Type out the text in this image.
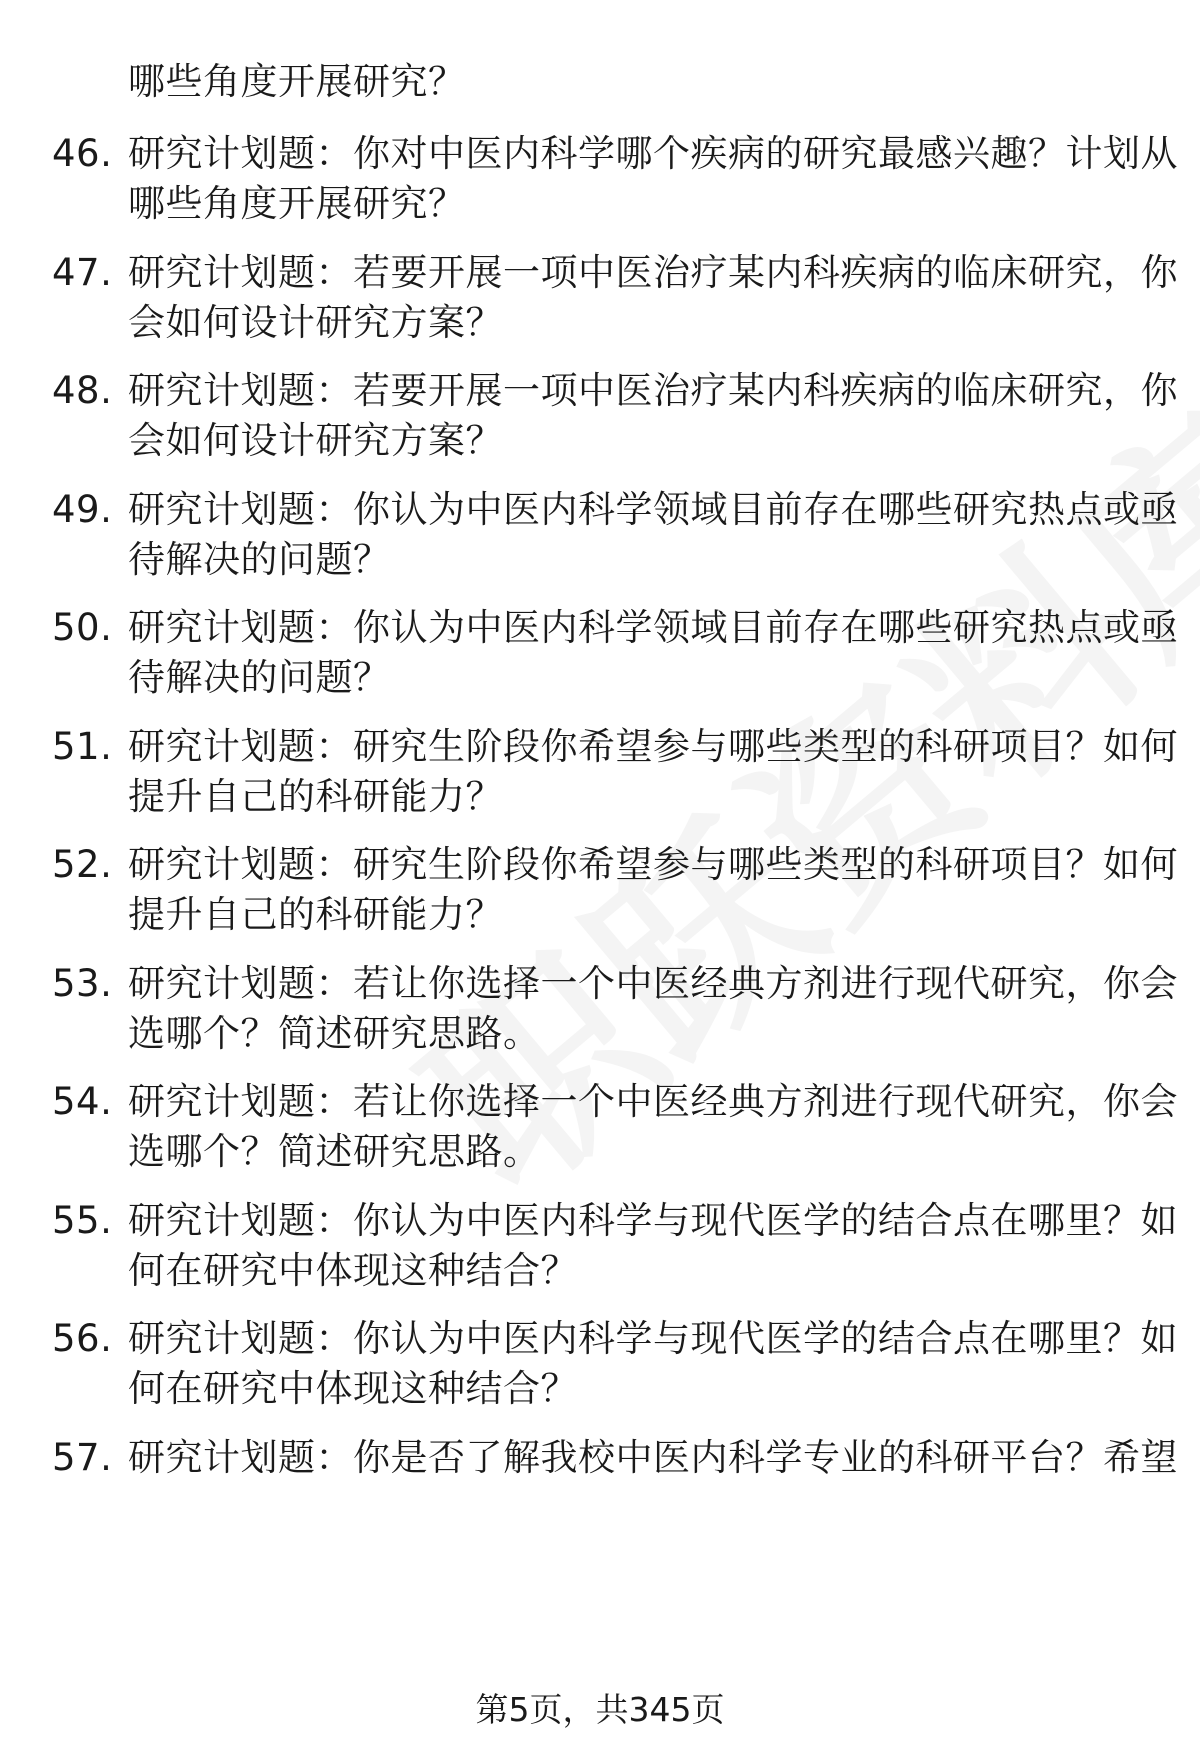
哪些角度开展研究？
46. 研究计划题：你对中医内科学哪个疾病的研究最感兴趣？计划从
哪些角度开展研究？
47. 研究计划题：若要开展一项中医治疗某内科疾病的临床研究，你
会如何设计研究方案？
48. 研究计划题：若要开展一项中医治疗某内科疾病的临床研究，你
会如何设计研究方案？
49. 研究计划题：你认为中医内科学领域目前存在哪些研究热点或亟
待解决的问题？
50. 研究计划题：你认为中医内科学领域目前存在哪些研究热点或亟
待解决的问题？
51. 研究计划题：研究生阶段你希望参与哪些类型的科研项目？如何
提升自己的科研能力？
52. 研究计划题：研究生阶段你希望参与哪些类型的科研项目？如何
提升自己的科研能力？
53. 研究计划题：若让你选择一个中医经典方剂进行现代研究，你会
选哪个？简述研究思路。
54. 研究计划题：若让你选择一个中医经典方剂进行现代研究，你会
选哪个？简述研究思路。
55. 研究计划题：你认为中医内科学与现代医学的结合点在哪里？如
何在研究中体现这种结合？
56. 研究计划题：你认为中医内科学与现代医学的结合点在哪里？如
何在研究中体现这种结合？
57. 研究计划题：你是否了解我校中医内科学专业的科研平台？希望
第5页，共345页
